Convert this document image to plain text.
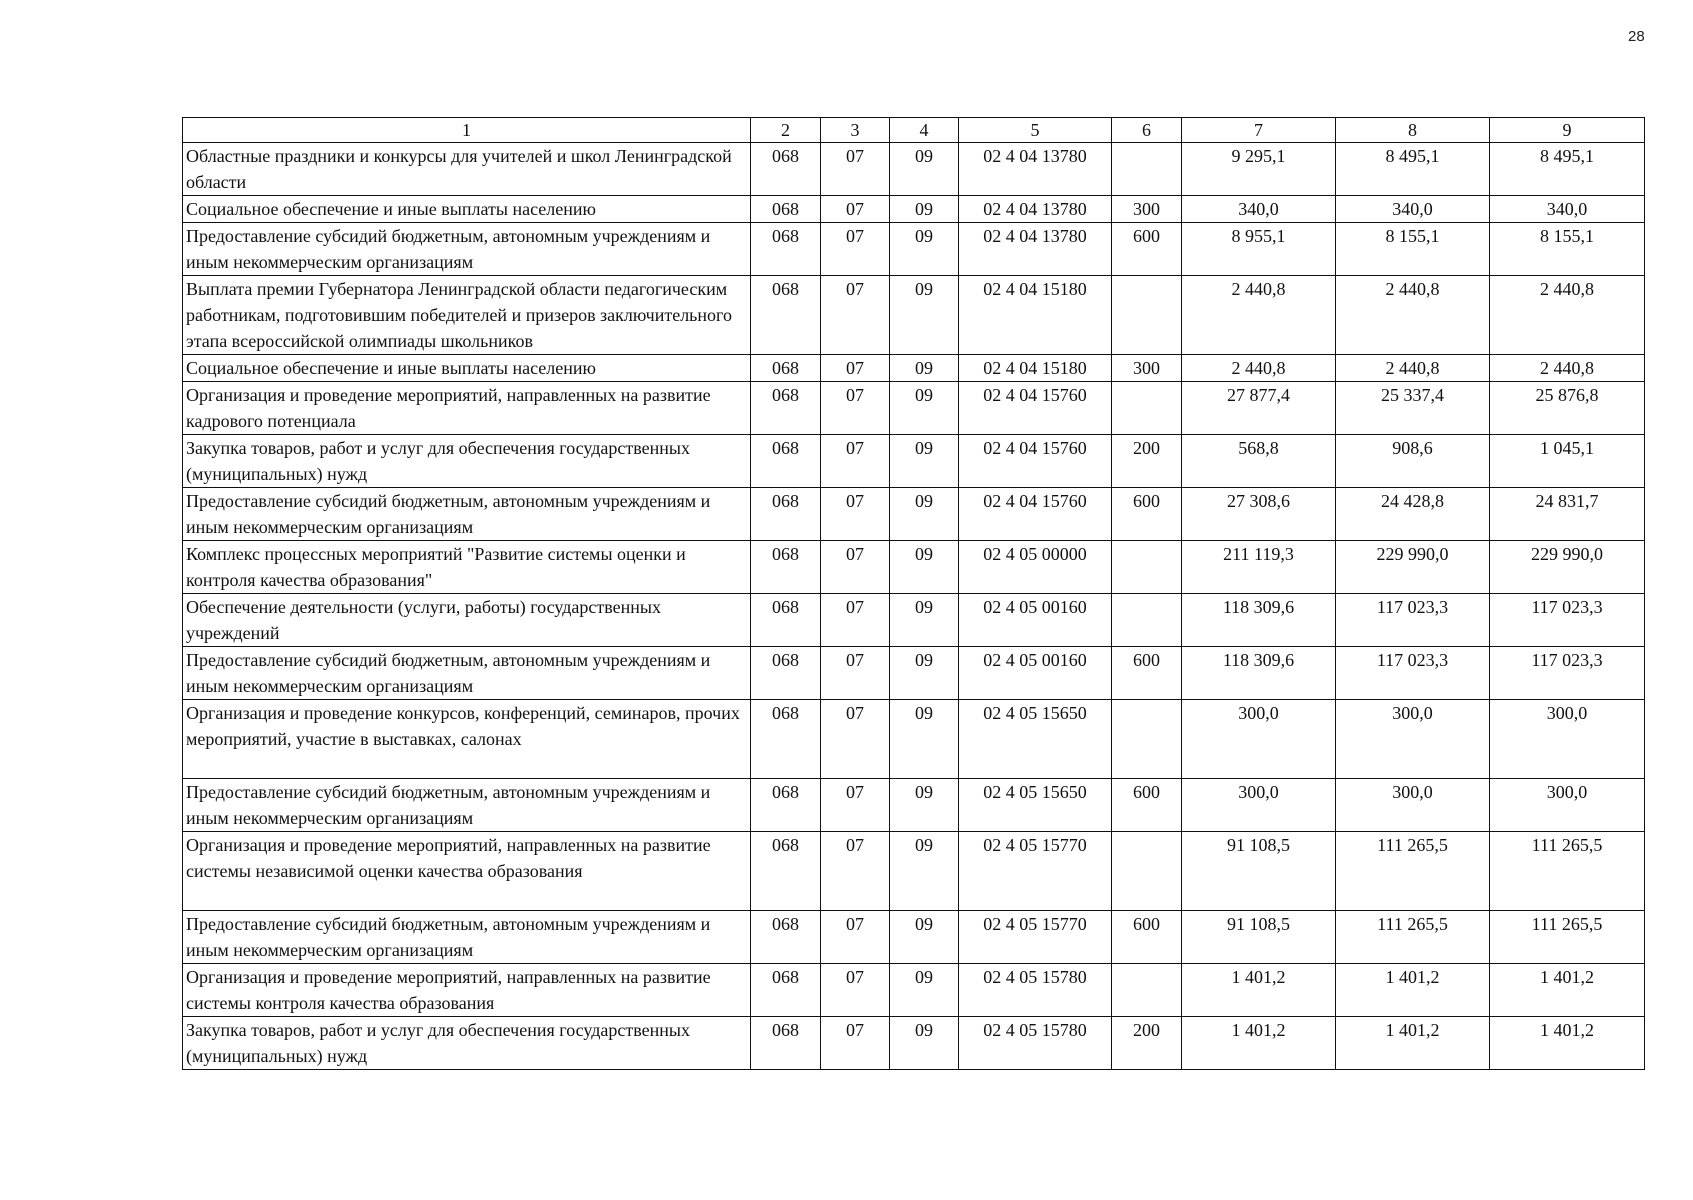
28
1	2	3	4	5	6	7	8	9
Областные праздники и конкурсы для учителей и школ Ленинградской области	068	07	09	02 4 04 13780		9 295,1	8 495,1	8 495,1
Социальное обеспечение и иные выплаты населению	068	07	09	02 4 04 13780	300	340,0	340,0	340,0
Предоставление субсидий бюджетным, автономным учреждениям и иным некоммерческим организациям	068	07	09	02 4 04 13780	600	8 955,1	8 155,1	8 155,1
Выплата премии Губернатора Ленинградской области педагогическим работникам, подготовившим победителей и призеров заключительного этапа всероссийской олимпиады школьников	068	07	09	02 4 04 15180		2 440,8	2 440,8	2 440,8
Социальное обеспечение и иные выплаты населению	068	07	09	02 4 04 15180	300	2 440,8	2 440,8	2 440,8
Организация и проведение мероприятий, направленных на развитие кадрового потенциала	068	07	09	02 4 04 15760		27 877,4	25 337,4	25 876,8
Закупка товаров, работ и услуг для обеспечения государственных (муниципальных) нужд	068	07	09	02 4 04 15760	200	568,8	908,6	1 045,1
Предоставление субсидий бюджетным, автономным учреждениям и иным некоммерческим организациям	068	07	09	02 4 04 15760	600	27 308,6	24 428,8	24 831,7
Комплекс процессных мероприятий "Развитие системы оценки и контроля качества образования"	068	07	09	02 4 05 00000		211 119,3	229 990,0	229 990,0
Обеспечение деятельности (услуги, работы) государственных учреждений	068	07	09	02 4 05 00160		118 309,6	117 023,3	117 023,3
Предоставление субсидий бюджетным, автономным учреждениям и иным некоммерческим организациям	068	07	09	02 4 05 00160	600	118 309,6	117 023,3	117 023,3
Организация и проведение конкурсов, конференций, семинаров, прочих мероприятий, участие в выставках, салонах	068	07	09	02 4 05 15650		300,0	300,0	300,0
Предоставление субсидий бюджетным, автономным учреждениям и иным некоммерческим организациям	068	07	09	02 4 05 15650	600	300,0	300,0	300,0
Организация и проведение мероприятий, направленных на развитие системы независимой оценки качества образования	068	07	09	02 4 05 15770		91 108,5	111 265,5	111 265,5
Предоставление субсидий бюджетным, автономным учреждениям и иным некоммерческим организациям	068	07	09	02 4 05 15770	600	91 108,5	111 265,5	111 265,5
Организация и проведение мероприятий, направленных на развитие системы контроля качества образования	068	07	09	02 4 05 15780		1 401,2	1 401,2	1 401,2
Закупка товаров, работ и услуг для обеспечения государственных (муниципальных) нужд	068	07	09	02 4 05 15780	200	1 401,2	1 401,2	1 401,2
